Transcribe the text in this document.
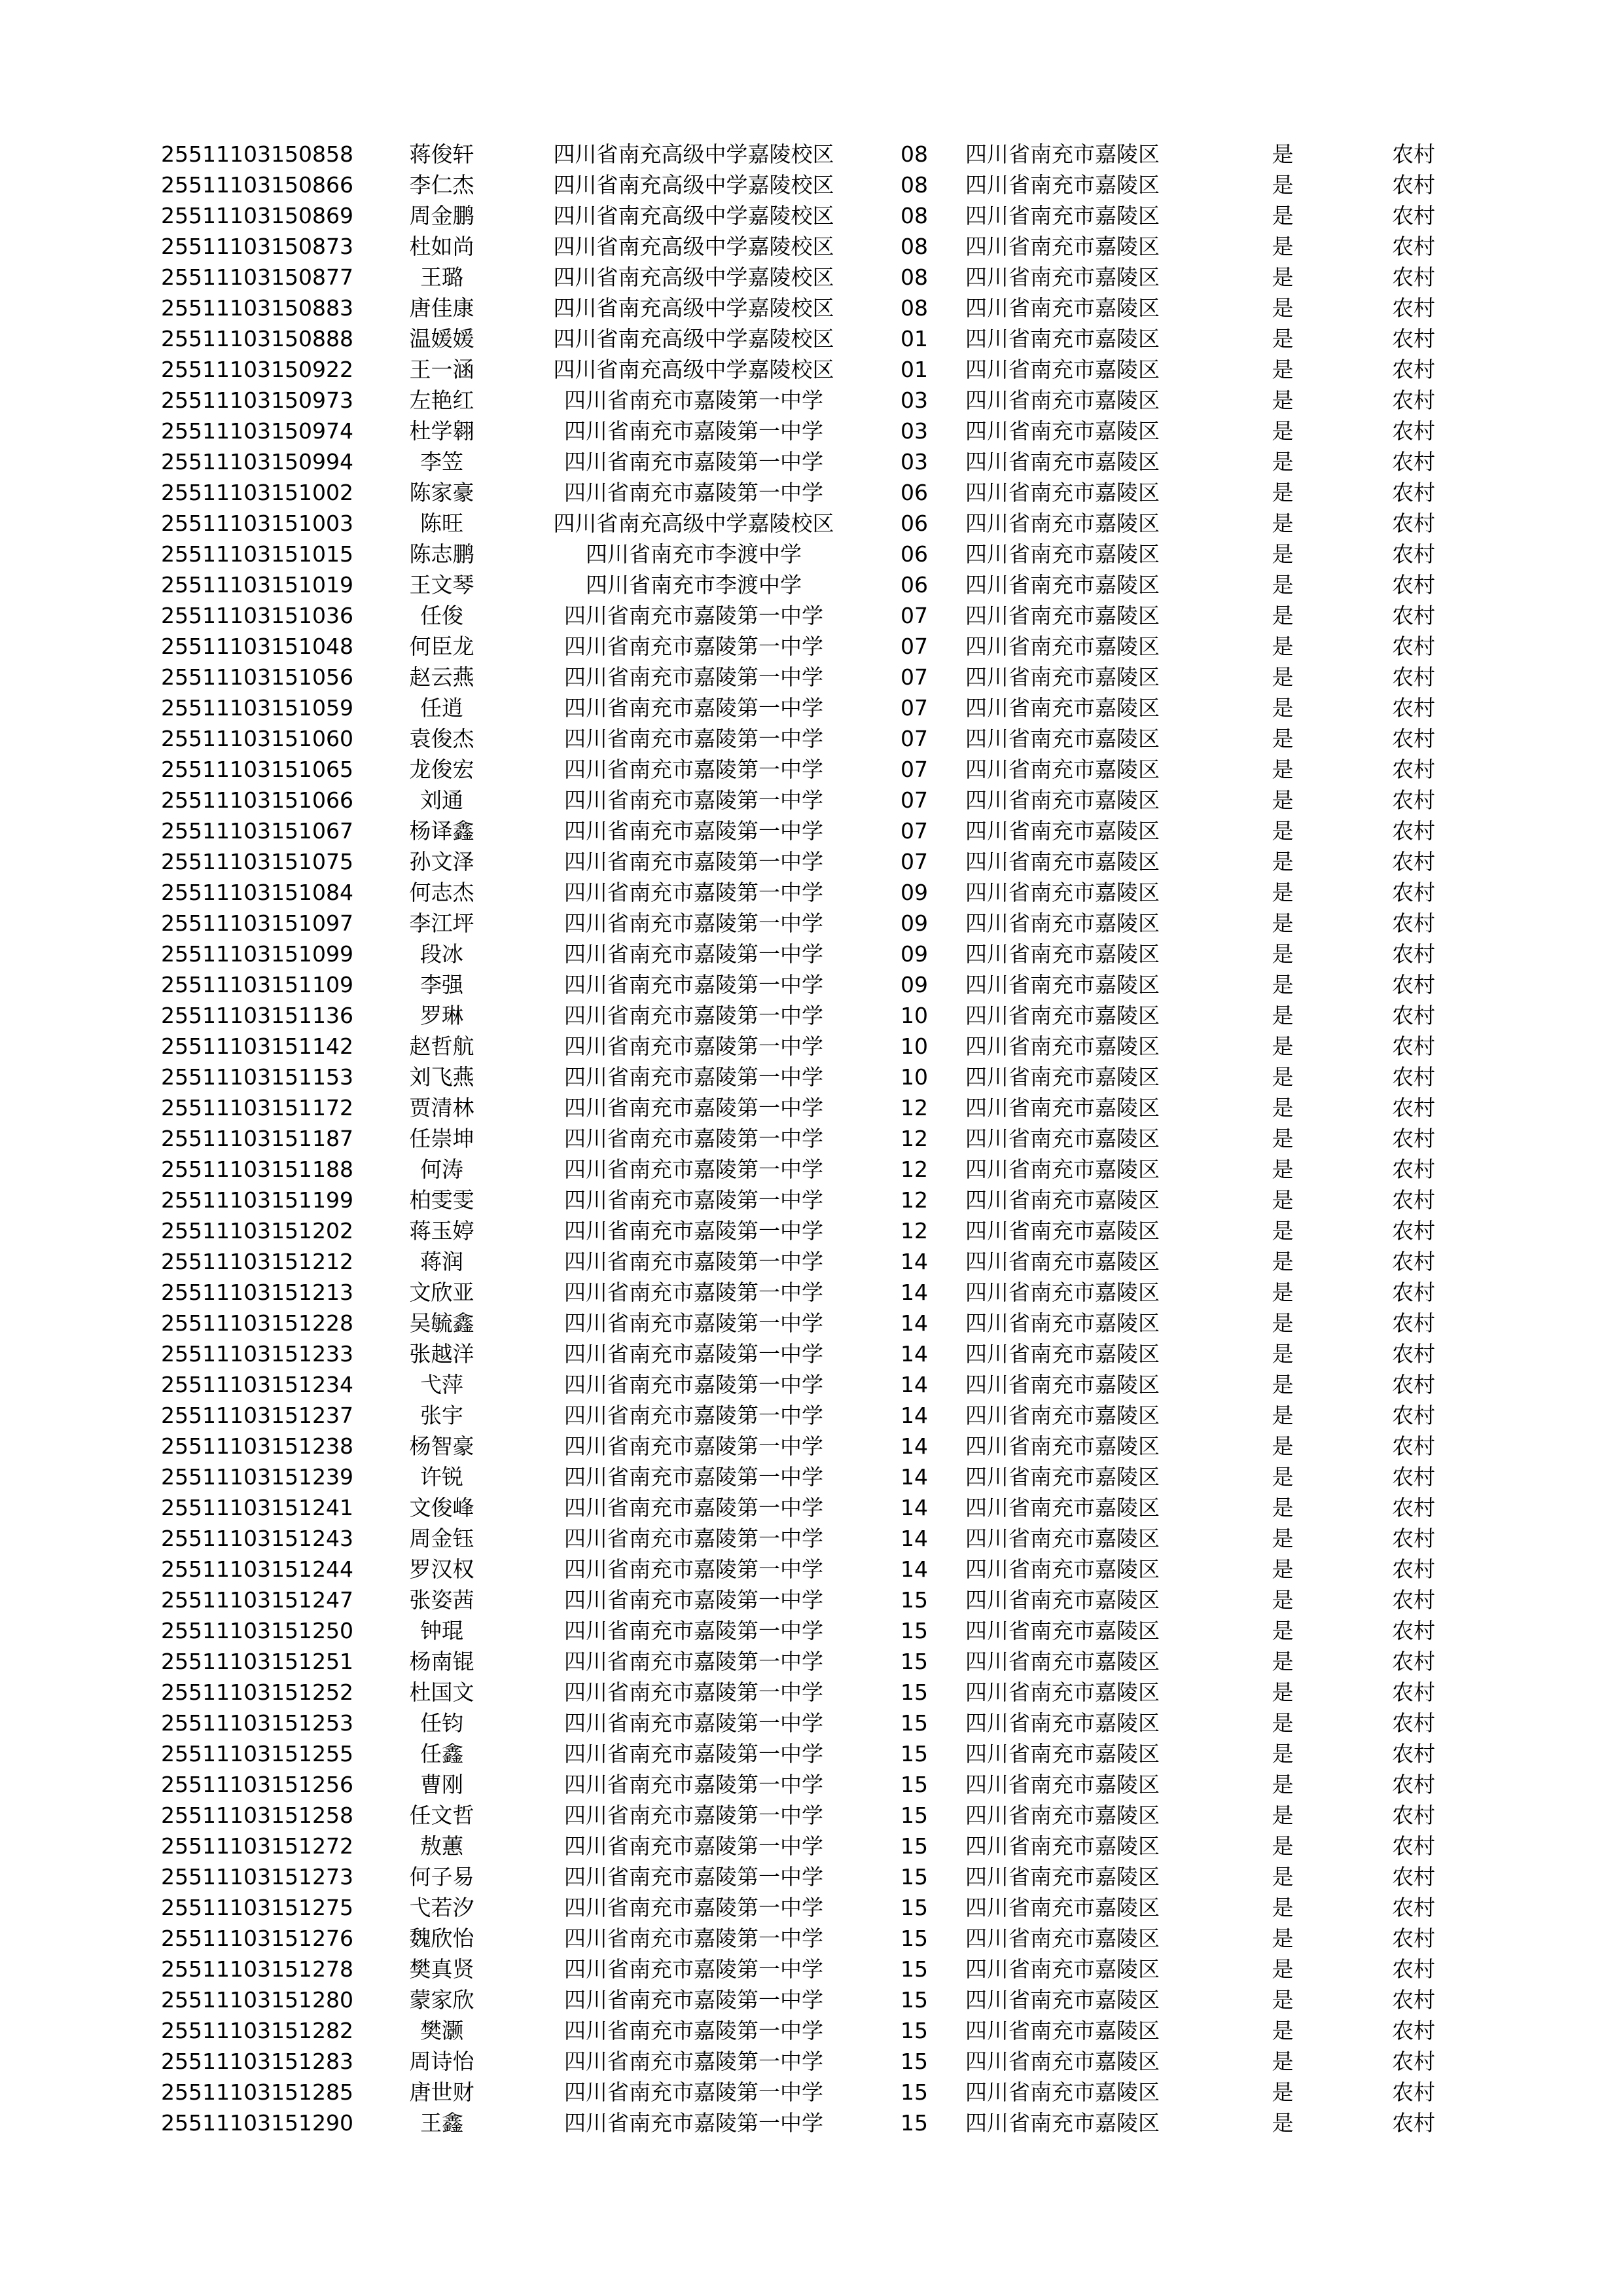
25511103150858	蒋俊轩	四川省南充高级中学嘉陵校区	08	四川省南充市嘉陵区	是	农村
25511103150866	李仁杰	四川省南充高级中学嘉陵校区	08	四川省南充市嘉陵区	是	农村
25511103150869	周金鹏	四川省南充高级中学嘉陵校区	08	四川省南充市嘉陵区	是	农村
25511103150873	杜如尚	四川省南充高级中学嘉陵校区	08	四川省南充市嘉陵区	是	农村
25511103150877	王璐	四川省南充高级中学嘉陵校区	08	四川省南充市嘉陵区	是	农村
25511103150883	唐佳康	四川省南充高级中学嘉陵校区	08	四川省南充市嘉陵区	是	农村
25511103150888	温媛媛	四川省南充高级中学嘉陵校区	01	四川省南充市嘉陵区	是	农村
25511103150922	王一涵	四川省南充高级中学嘉陵校区	01	四川省南充市嘉陵区	是	农村
25511103150973	左艳红	四川省南充市嘉陵第一中学	03	四川省南充市嘉陵区	是	农村
25511103150974	杜学翱	四川省南充市嘉陵第一中学	03	四川省南充市嘉陵区	是	农村
25511103150994	李笠	四川省南充市嘉陵第一中学	03	四川省南充市嘉陵区	是	农村
25511103151002	陈家豪	四川省南充市嘉陵第一中学	06	四川省南充市嘉陵区	是	农村
25511103151003	陈旺	四川省南充高级中学嘉陵校区	06	四川省南充市嘉陵区	是	农村
25511103151015	陈志鹏	四川省南充市李渡中学	06	四川省南充市嘉陵区	是	农村
25511103151019	王文琴	四川省南充市李渡中学	06	四川省南充市嘉陵区	是	农村
25511103151036	任俊	四川省南充市嘉陵第一中学	07	四川省南充市嘉陵区	是	农村
25511103151048	何臣龙	四川省南充市嘉陵第一中学	07	四川省南充市嘉陵区	是	农村
25511103151056	赵云燕	四川省南充市嘉陵第一中学	07	四川省南充市嘉陵区	是	农村
25511103151059	任逍	四川省南充市嘉陵第一中学	07	四川省南充市嘉陵区	是	农村
25511103151060	袁俊杰	四川省南充市嘉陵第一中学	07	四川省南充市嘉陵区	是	农村
25511103151065	龙俊宏	四川省南充市嘉陵第一中学	07	四川省南充市嘉陵区	是	农村
25511103151066	刘通	四川省南充市嘉陵第一中学	07	四川省南充市嘉陵区	是	农村
25511103151067	杨译鑫	四川省南充市嘉陵第一中学	07	四川省南充市嘉陵区	是	农村
25511103151075	孙文泽	四川省南充市嘉陵第一中学	07	四川省南充市嘉陵区	是	农村
25511103151084	何志杰	四川省南充市嘉陵第一中学	09	四川省南充市嘉陵区	是	农村
25511103151097	李江坪	四川省南充市嘉陵第一中学	09	四川省南充市嘉陵区	是	农村
25511103151099	段冰	四川省南充市嘉陵第一中学	09	四川省南充市嘉陵区	是	农村
25511103151109	李强	四川省南充市嘉陵第一中学	09	四川省南充市嘉陵区	是	农村
25511103151136	罗琳	四川省南充市嘉陵第一中学	10	四川省南充市嘉陵区	是	农村
25511103151142	赵哲航	四川省南充市嘉陵第一中学	10	四川省南充市嘉陵区	是	农村
25511103151153	刘飞燕	四川省南充市嘉陵第一中学	10	四川省南充市嘉陵区	是	农村
25511103151172	贾清林	四川省南充市嘉陵第一中学	12	四川省南充市嘉陵区	是	农村
25511103151187	任崇坤	四川省南充市嘉陵第一中学	12	四川省南充市嘉陵区	是	农村
25511103151188	何涛	四川省南充市嘉陵第一中学	12	四川省南充市嘉陵区	是	农村
25511103151199	柏雯雯	四川省南充市嘉陵第一中学	12	四川省南充市嘉陵区	是	农村
25511103151202	蒋玉婷	四川省南充市嘉陵第一中学	12	四川省南充市嘉陵区	是	农村
25511103151212	蒋润	四川省南充市嘉陵第一中学	14	四川省南充市嘉陵区	是	农村
25511103151213	文欣亚	四川省南充市嘉陵第一中学	14	四川省南充市嘉陵区	是	农村
25511103151228	吴毓鑫	四川省南充市嘉陵第一中学	14	四川省南充市嘉陵区	是	农村
25511103151233	张越洋	四川省南充市嘉陵第一中学	14	四川省南充市嘉陵区	是	农村
25511103151234	弋萍	四川省南充市嘉陵第一中学	14	四川省南充市嘉陵区	是	农村
25511103151237	张宇	四川省南充市嘉陵第一中学	14	四川省南充市嘉陵区	是	农村
25511103151238	杨智豪	四川省南充市嘉陵第一中学	14	四川省南充市嘉陵区	是	农村
25511103151239	许锐	四川省南充市嘉陵第一中学	14	四川省南充市嘉陵区	是	农村
25511103151241	文俊峰	四川省南充市嘉陵第一中学	14	四川省南充市嘉陵区	是	农村
25511103151243	周金钰	四川省南充市嘉陵第一中学	14	四川省南充市嘉陵区	是	农村
25511103151244	罗汉权	四川省南充市嘉陵第一中学	14	四川省南充市嘉陵区	是	农村
25511103151247	张姿茜	四川省南充市嘉陵第一中学	15	四川省南充市嘉陵区	是	农村
25511103151250	钟琨	四川省南充市嘉陵第一中学	15	四川省南充市嘉陵区	是	农村
25511103151251	杨南锟	四川省南充市嘉陵第一中学	15	四川省南充市嘉陵区	是	农村
25511103151252	杜国文	四川省南充市嘉陵第一中学	15	四川省南充市嘉陵区	是	农村
25511103151253	任钧	四川省南充市嘉陵第一中学	15	四川省南充市嘉陵区	是	农村
25511103151255	任鑫	四川省南充市嘉陵第一中学	15	四川省南充市嘉陵区	是	农村
25511103151256	曹刚	四川省南充市嘉陵第一中学	15	四川省南充市嘉陵区	是	农村
25511103151258	任文哲	四川省南充市嘉陵第一中学	15	四川省南充市嘉陵区	是	农村
25511103151272	敖蕙	四川省南充市嘉陵第一中学	15	四川省南充市嘉陵区	是	农村
25511103151273	何子易	四川省南充市嘉陵第一中学	15	四川省南充市嘉陵区	是	农村
25511103151275	弋若汐	四川省南充市嘉陵第一中学	15	四川省南充市嘉陵区	是	农村
25511103151276	魏欣怡	四川省南充市嘉陵第一中学	15	四川省南充市嘉陵区	是	农村
25511103151278	樊真贤	四川省南充市嘉陵第一中学	15	四川省南充市嘉陵区	是	农村
25511103151280	蒙家欣	四川省南充市嘉陵第一中学	15	四川省南充市嘉陵区	是	农村
25511103151282	樊灏	四川省南充市嘉陵第一中学	15	四川省南充市嘉陵区	是	农村
25511103151283	周诗怡	四川省南充市嘉陵第一中学	15	四川省南充市嘉陵区	是	农村
25511103151285	唐世财	四川省南充市嘉陵第一中学	15	四川省南充市嘉陵区	是	农村
25511103151290	王鑫	四川省南充市嘉陵第一中学	15	四川省南充市嘉陵区	是	农村
